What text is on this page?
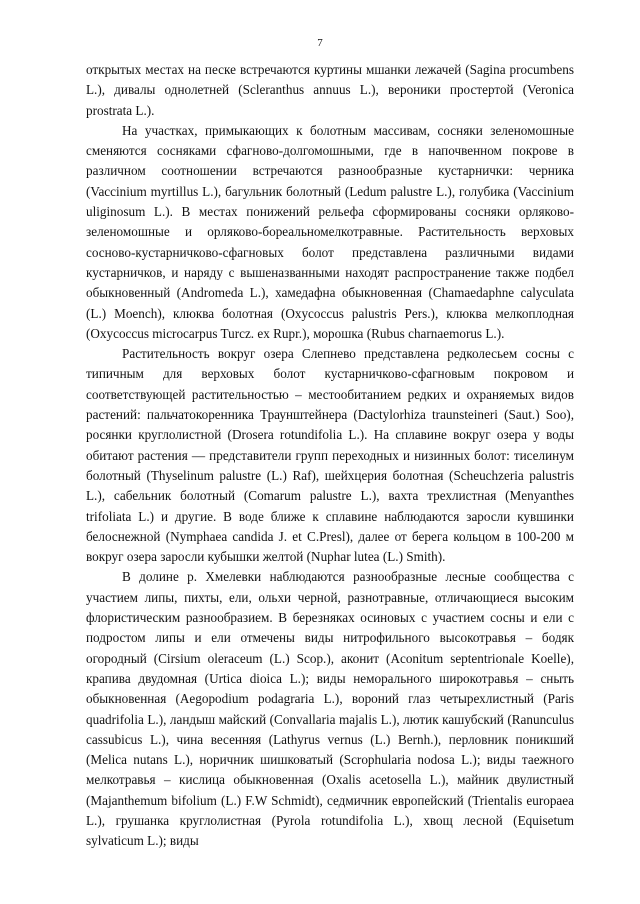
7

открытых местах на песке встречаются куртины мшанки лежачей (Sagina procumbens L.), дивалы однолетней (Scleranthus annuus L.), вероники простертой (Veronica prostrata L.).

На участках, примыкающих к болотным массивам, сосняки зеленомошные сменяются сосняками сфагново-долгомошными, где в напочвенном покрове в различном соотношении встречаются разнообразные кустарнички: черника (Vaccinium myrtillus L.), багульник болотный (Ledum palustre L.), голубика (Vaccinium uliginosum L.). В местах понижений рельефа сформированы сосняки орляково-зеленомошные и орляково-бореальномелкотравные. Растительность верховых сосново-кустарничково-сфагновых болот представлена различными видами кустарничков, и наряду с вышеназванными находят распространение также подбел обыкновенный (Andromeda L.), хамедафна обыкновенная (Chamaedaphne calyculata (L.) Moench), клюква болотная (Oxycoccus palustris Pers.), клюква мелкоплодная (Oxycoccus microcarpus Turcz. ex Rupr.), морошка (Rubus charnaemorus L.).

Растительность вокруг озера Слепнево представлена редколесьем сосны с типичным для верховых болот кустарничково-сфагновым покровом и соответствующей растительностью – местообитанием редких и охраняемых видов растений: пальчатокоренника Траунштейнера (Dactylorhiza traunsteineri (Saut.) Soo), росянки круглолистной (Drosera rotundifolia L.). На сплавине вокруг озера у воды обитают растения — представители групп переходных и низинных болот: тиселинум болотный (Thyselinum palustre (L.) Raf), шейхцерия болотная (Scheuchzeria palustris L.), сабельник болотный (Comarum palustre L.), вахта трехлистная (Menyanthes trifoliata L.) и другие. В воде ближе к сплавине наблюдаются заросли кувшинки белоснежной (Nymphaea candida J. et C.Presl), далее от берега кольцом в 100-200 м вокруг озера заросли кубышки желтой (Nuphar lutea (L.) Smith).

В долине р. Хмелевки наблюдаются разнообразные лесные сообщества с участием липы, пихты, ели, ольхи черной, разнотравные, отличающиеся высоким флористическим разнообразием. В березняках осиновых с участием сосны и ели с подростом липы и ели отмечены виды нитрофильного высокотравья – бодяк огородный (Cirsium oleraceum (L.) Scop.), аконит (Aconitum septentrionale Koelle), крапива двудомная (Urtica dioica L.); виды неморального широкотравья – сныть обыкновенная (Aegopodium podagraria L.), вороний глаз четырехлистный (Paris quadrifolia L.), ландыш майский (Convallaria majalis L.), лютик кашубский (Ranunculus cassubicus L.), чина весенняя (Lathyrus vernus (L.) Bernh.), перловник поникший (Melica nutans L.), норичник шишковатый (Scrophularia nodosa L.); виды таежного мелкотравья – кислица обыкновенная (Oxalis acetosella L.), майник двулистный (Majanthemum bifolium (L.) F.W Schmidt), седмичник европейский (Trientalis europaea L.), грушанка круглолистная (Pyrola rotundifolia L.), хвощ лесной (Equisetum sylvaticum L.); виды
